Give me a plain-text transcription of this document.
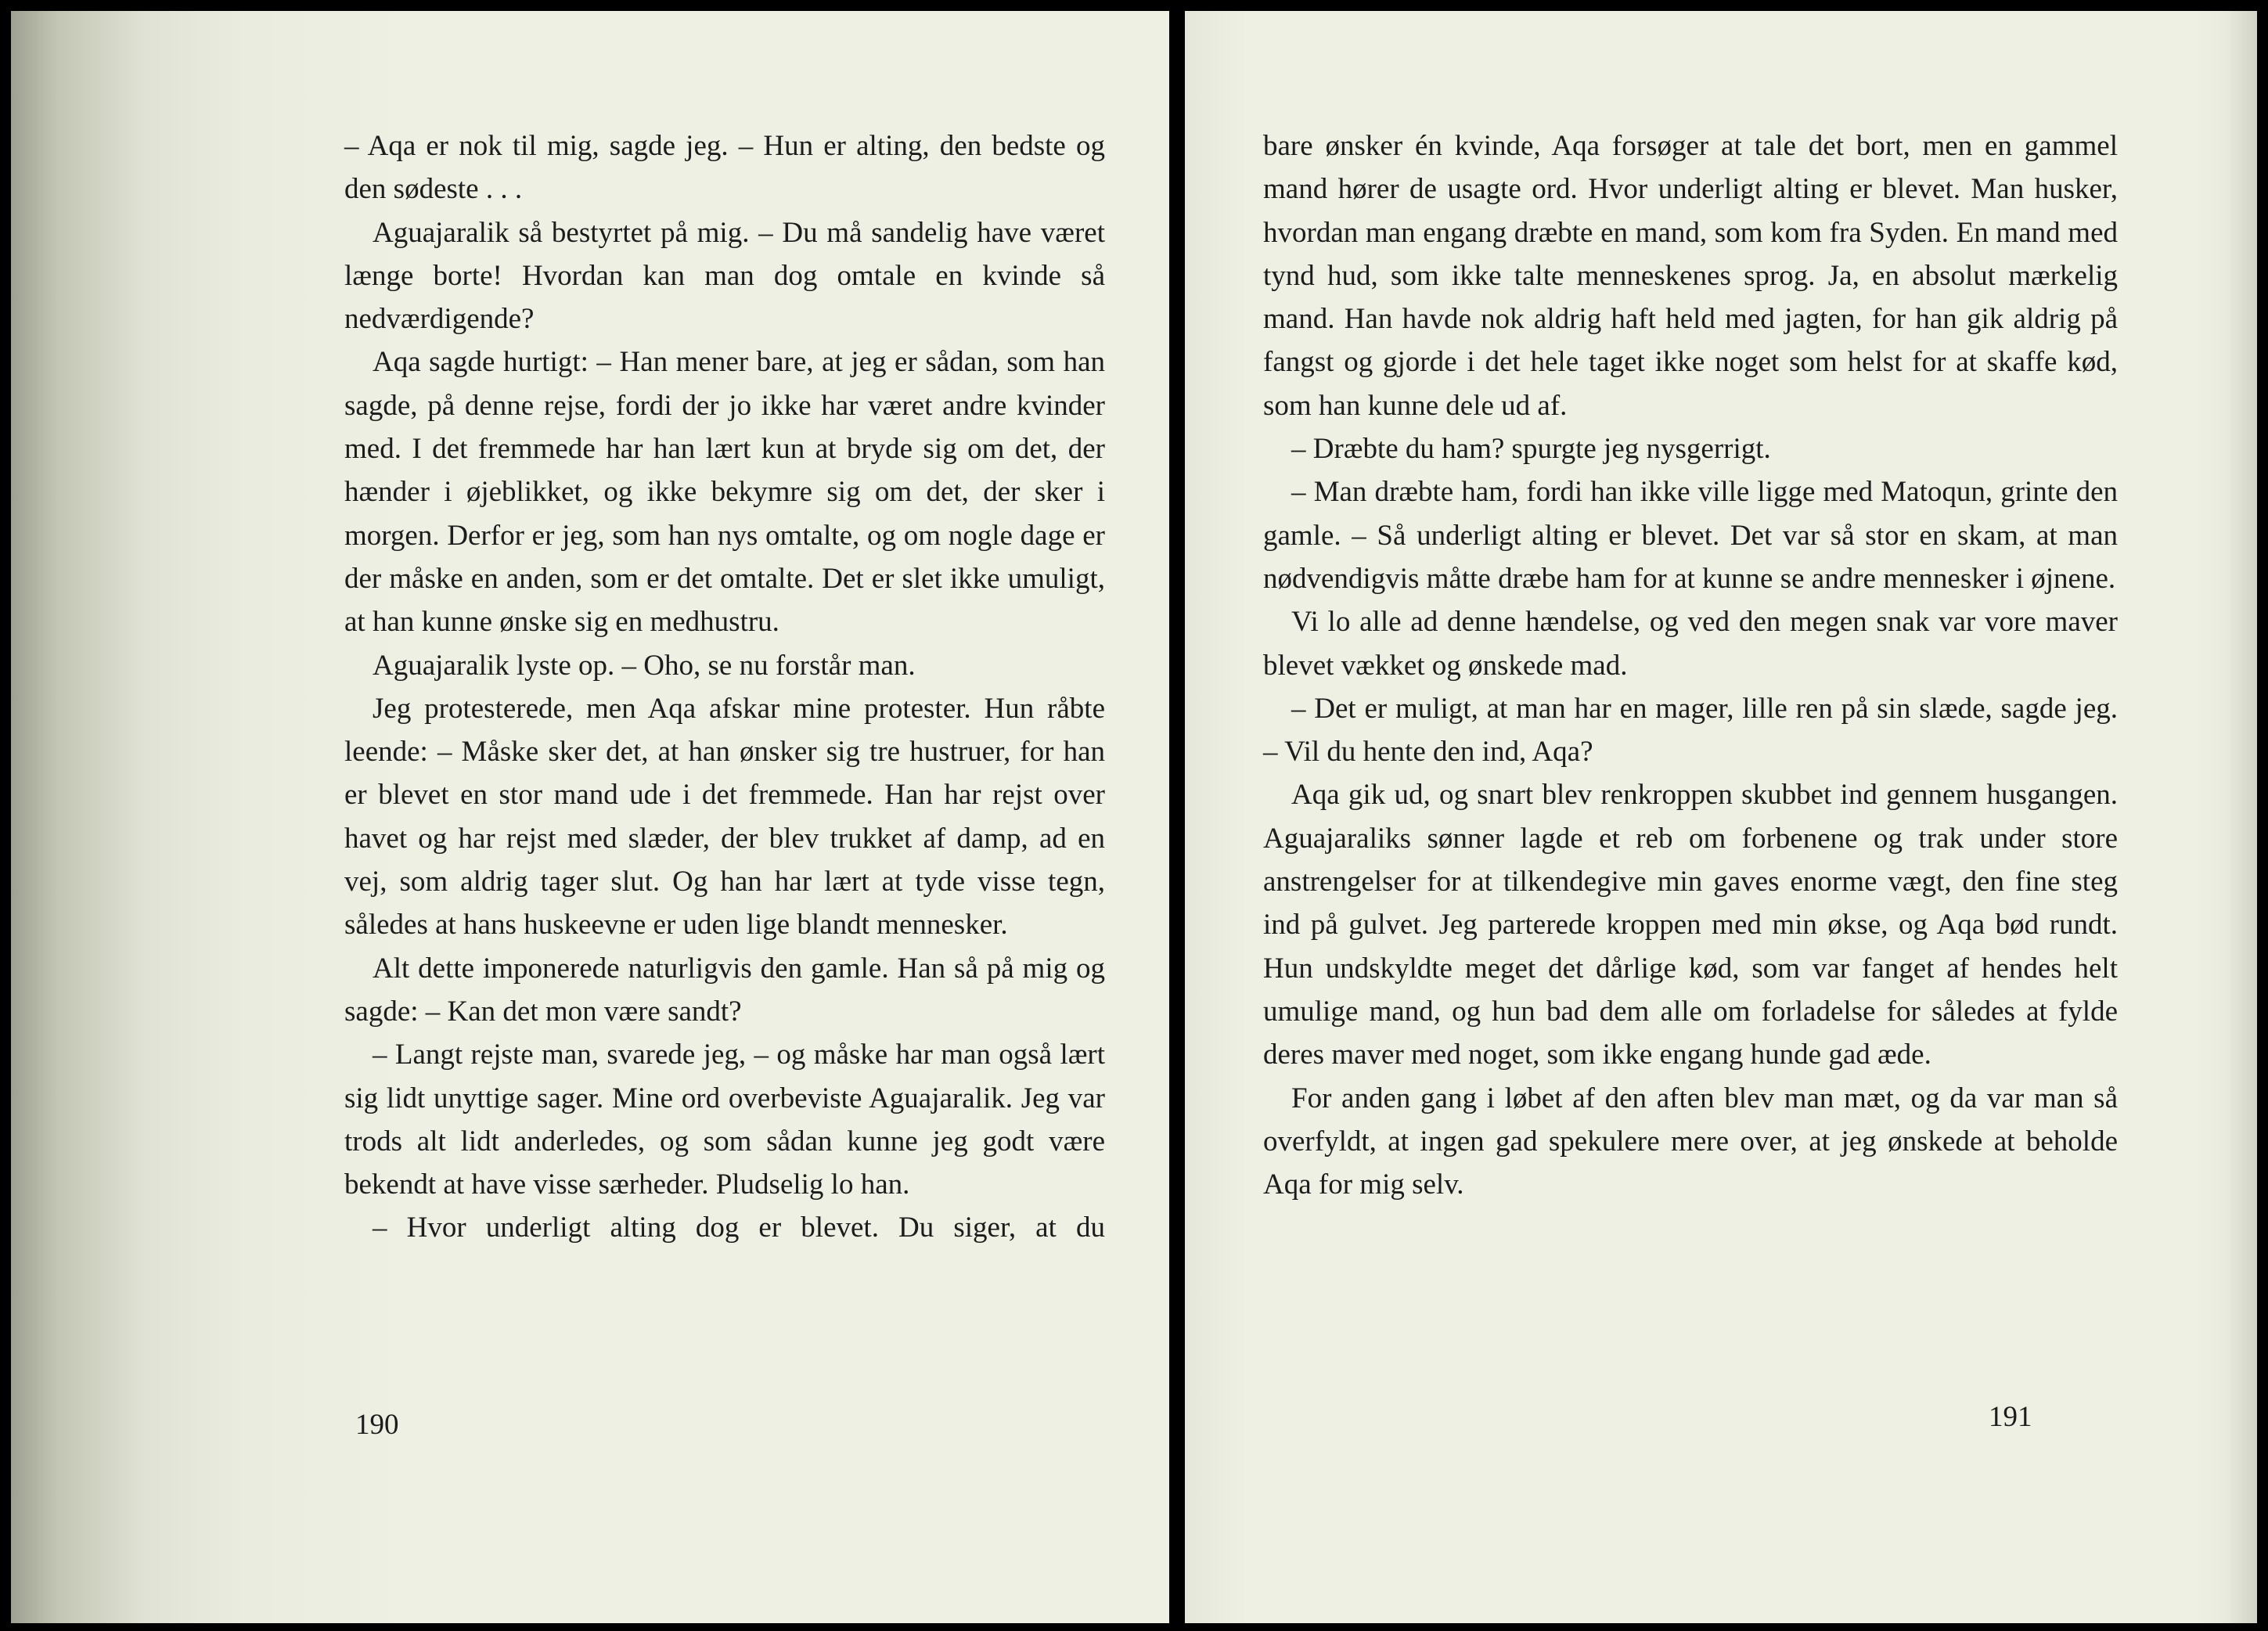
– Aqa er nok til mig, sagde jeg. – Hun er alting, den bedste og den sødeste . . .

Aguajaralik så bestyrtet på mig. – Du må sandelig have været længe borte! Hvordan kan man dog omtale en kvinde så nedværdigende?

Aqa sagde hurtigt: – Han mener bare, at jeg er sådan, som han sagde, på denne rejse, fordi der jo ikke har været andre kvinder med. I det fremmede har han lært kun at bryde sig om det, der hænder i øjeblikket, og ikke bekymre sig om det, der sker i morgen. Derfor er jeg, som han nys omtalte, og om nogle dage er der måske en anden, som er det omtalte. Det er slet ikke umuligt, at han kunne ønske sig en medhustru.

Aguajaralik lyste op. – Oho, se nu forstår man.

Jeg protesterede, men Aqa afskar mine protester. Hun råbte leende: – Måske sker det, at han ønsker sig tre hustruer, for han er blevet en stor mand ude i det fremmede. Han har rejst over havet og har rejst med slæder, der blev trukket af damp, ad en vej, som aldrig tager slut. Og han har lært at tyde visse tegn, således at hans huskeevne er uden lige blandt mennesker.

Alt dette imponerede naturligvis den gamle. Han så på mig og sagde: – Kan det mon være sandt?

– Langt rejste man, svarede jeg, – og måske har man også lært sig lidt unyttige sager. Mine ord overbeviste Aguajaralik. Jeg var trods alt lidt anderledes, og som sådan kunne jeg godt være bekendt at have visse særheder. Pludselig lo han.

– Hvor underligt alting dog er blevet. Du siger, at du

190

bare ønsker én kvinde, Aqa forsøger at tale det bort, men en gammel mand hører de usagte ord. Hvor underligt alting er blevet. Man husker, hvordan man engang dræbte en mand, som kom fra Syden. En mand med tynd hud, som ikke talte menneskenes sprog. Ja, en absolut mærkelig mand. Han havde nok aldrig haft held med jagten, for han gik aldrig på fangst og gjorde i det hele taget ikke noget som helst for at skaffe kød, som han kunne dele ud af.

– Dræbte du ham? spurgte jeg nysgerrigt.

– Man dræbte ham, fordi han ikke ville ligge med Matoqun, grinte den gamle. – Så underligt alting er blevet. Det var så stor en skam, at man nødvendigvis måtte dræbe ham for at kunne se andre mennesker i øjnene.

Vi lo alle ad denne hændelse, og ved den megen snak var vore maver blevet vækket og ønskede mad.

– Det er muligt, at man har en mager, lille ren på sin slæde, sagde jeg. – Vil du hente den ind, Aqa?

Aqa gik ud, og snart blev renkroppen skubbet ind gennem husgangen. Aguajaraliks sønner lagde et reb om forbenene og trak under store anstrengelser for at tilkendegive min gaves enorme vægt, den fine steg ind på gulvet. Jeg parterede kroppen med min økse, og Aqa bød rundt. Hun undskyldte meget det dårlige kød, som var fanget af hendes helt umulige mand, og hun bad dem alle om forladelse for således at fylde deres maver med noget, som ikke engang hunde gad æde.

For anden gang i løbet af den aften blev man mæt, og da var man så overfyldt, at ingen gad spekulere mere over, at jeg ønskede at beholde Aqa for mig selv.

191
